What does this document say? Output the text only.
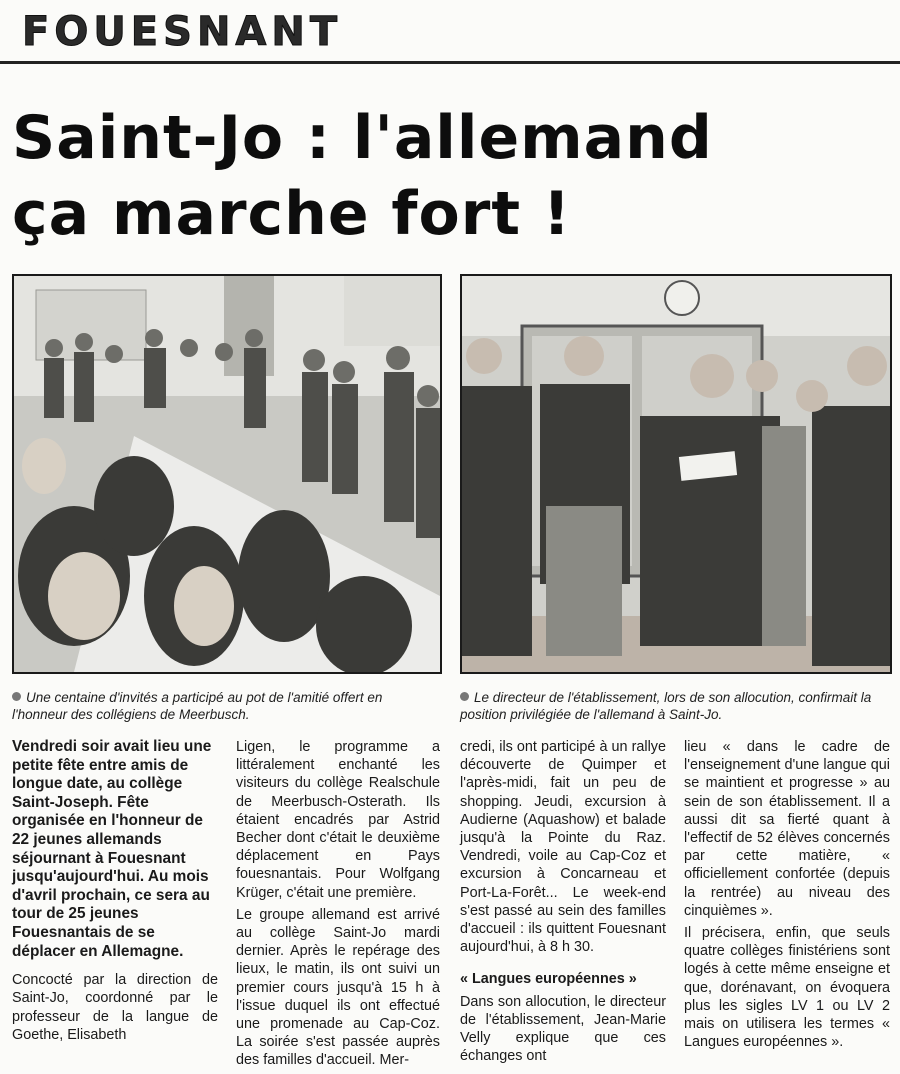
FOUESNANT
Saint-Jo : l'allemand
ça marche fort !
Une centaine d'invités a participé au pot de l'amitié offert en l'honneur des collégiens de Meerbusch.
Le directeur de l'établissement, lors de son allocution, confirmait la position privilégiée de l'allemand à Saint-Jo.

Vendredi soir avait lieu une petite fête entre amis de longue date, au collège Saint-Joseph. Fête organisée en l'honneur de 22 jeunes allemands séjournant à Fouesnant jusqu'aujourd'hui. Au mois d'avril prochain, ce sera au tour de 25 jeunes Fouesnantais de se déplacer en Allemagne.

Concocté par la direction de Saint-Jo, coordonné par le professeur de la langue de Goethe, Elisabeth

Ligen, le programme a littéralement enchanté les visiteurs du collège Realschule de Meerbusch-Osterath. Ils étaient encadrés par Astrid Becher dont c'était le deuxième déplacement en Pays fouesnantais. Pour Wolfgang Krüger, c'était une première.

Le groupe allemand est arrivé au collège Saint-Jo mardi dernier. Après le repérage des lieux, le matin, ils ont suivi un premier cours jusqu'à 15 h à l'issue duquel ils ont effectué une promenade au Cap-Coz. La soirée s'est passée auprès des familles d'accueil. Mer-

credi, ils ont participé à un rallye découverte de Quimper et l'après-midi, fait un peu de shopping. Jeudi, excursion à Audierne (Aquashow) et balade jusqu'à la Pointe du Raz. Vendredi, voile au Cap-Coz et excursion à Concarneau et Port-La-Forêt... Le week-end s'est passé au sein des familles d'accueil : ils quittent Fouesnant aujourd'hui, à 8 h 30.

« Langues européennes »

Dans son allocution, le directeur de l'établissement, Jean-Marie Velly explique que ces échanges ont

lieu « dans le cadre de l'enseignement d'une langue qui se maintient et progresse » au sein de son établissement. Il a aussi dit sa fierté quant à l'effectif de 52 élèves concernés par cette matière, « officiellement confortée (depuis la rentrée) au niveau des cinquièmes ».

Il précisera, enfin, que seuls quatre collèges finistériens sont logés à cette même enseigne et que, dorénavant, on évoquera plus les sigles LV 1 ou LV 2 mais on utilisera les termes « Langues européennes ».
